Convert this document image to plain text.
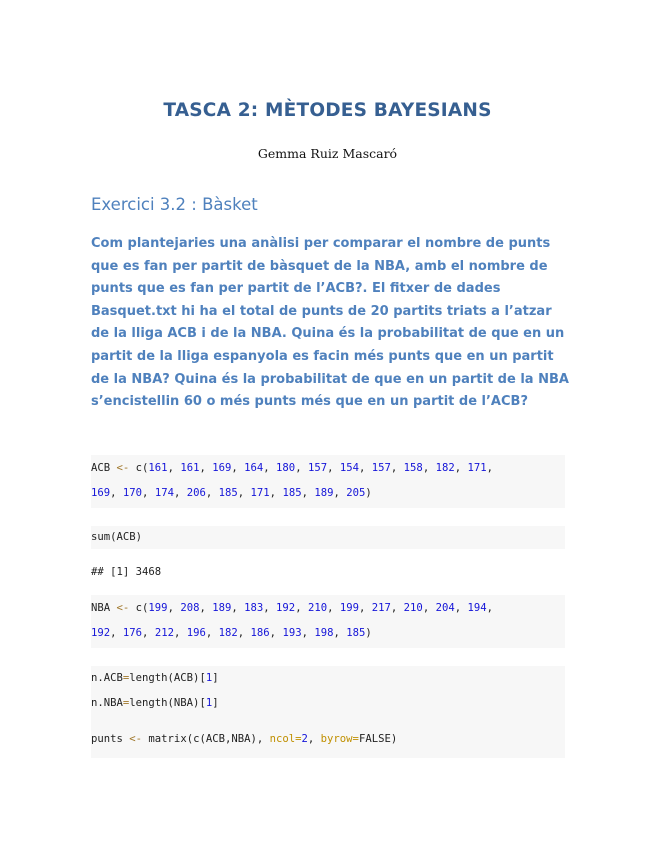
TASCA 2: MÈTODES BAYESIANS
Gemma Ruiz Mascaró
Exercici 3.2 : Bàsket
Com plantejaries una anàlisi per comparar el nombre de punts que es fan per partit de bàsquet de la NBA, amb el nombre de punts que es fan per partit de l’ACB?. El fitxer de dades Basquet.txt hi ha el total de punts de 20 partits triats a l’atzar de la lliga ACB i de la NBA. Quina és la probabilitat de que en un partit de la lliga espanyola es facin més punts que en un partit de la NBA? Quina és la probabilitat de que en un partit de la NBA s’encistellin 60 o més punts més que en un partit de l’ACB?
ACB <- c(161, 161, 169, 164, 180, 157, 154, 157, 158, 182, 171,
169, 170, 174, 206, 185, 171, 185, 189, 205)
sum(ACB)
## [1] 3468
NBA <- c(199, 208, 189, 183, 192, 210, 199, 217, 210, 204, 194,
192, 176, 212, 196, 182, 186, 193, 198, 185)
n.ACB=length(ACB)[1]
n.NBA=length(NBA)[1]
punts <- matrix(c(ACB,NBA), ncol=2, byrow=FALSE)
